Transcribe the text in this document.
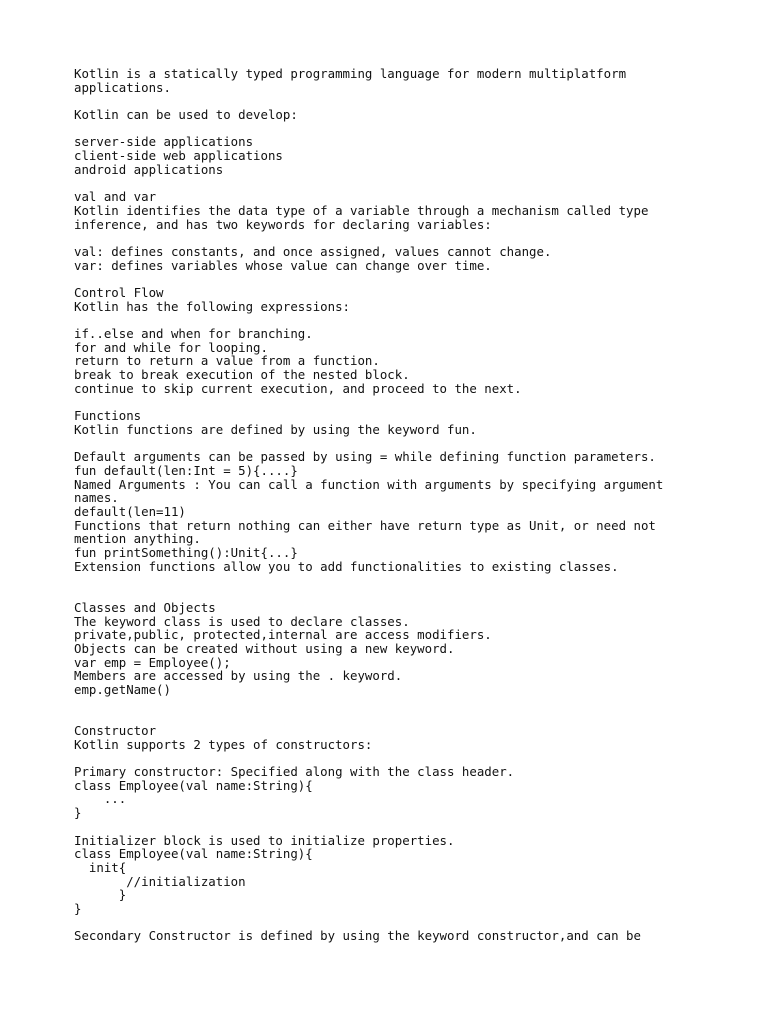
Kotlin is a statically typed programming language for modern multiplatform
applications.
Kotlin can be used to develop:
server-side applications
client-side web applications
android applications
val and var
Kotlin identifies the data type of a variable through a mechanism called type
inference, and has two keywords for declaring variables:
val: defines constants, and once assigned, values cannot change.
var: defines variables whose value can change over time.
Control Flow
Kotlin has the following expressions:
if..else and when for branching.
for and while for looping.
return to return a value from a function.
break to break execution of the nested block.
continue to skip current execution, and proceed to the next.
Functions
Kotlin functions are defined by using the keyword fun.
Default arguments can be passed by using = while defining function parameters.
fun default(len:Int = 5){....}
Named Arguments : You can call a function with arguments by specifying argument
names.
default(len=11)
Functions that return nothing can either have return type as Unit, or need not
mention anything.
fun printSomething():Unit{...}
Extension functions allow you to add functionalities to existing classes.
Classes and Objects
The keyword class is used to declare classes.
private,public, protected,internal are access modifiers.
Objects can be created without using a new keyword.
var emp = Employee();
Members are accessed by using the . keyword.
emp.getName()
Constructor
Kotlin supports 2 types of constructors:
Primary constructor: Specified along with the class header.
class Employee(val name:String){
...
}
Initializer block is used to initialize properties.
class Employee(val name:String){
init{
//initialization
}
}
Secondary Constructor is defined by using the keyword constructor,and can be
